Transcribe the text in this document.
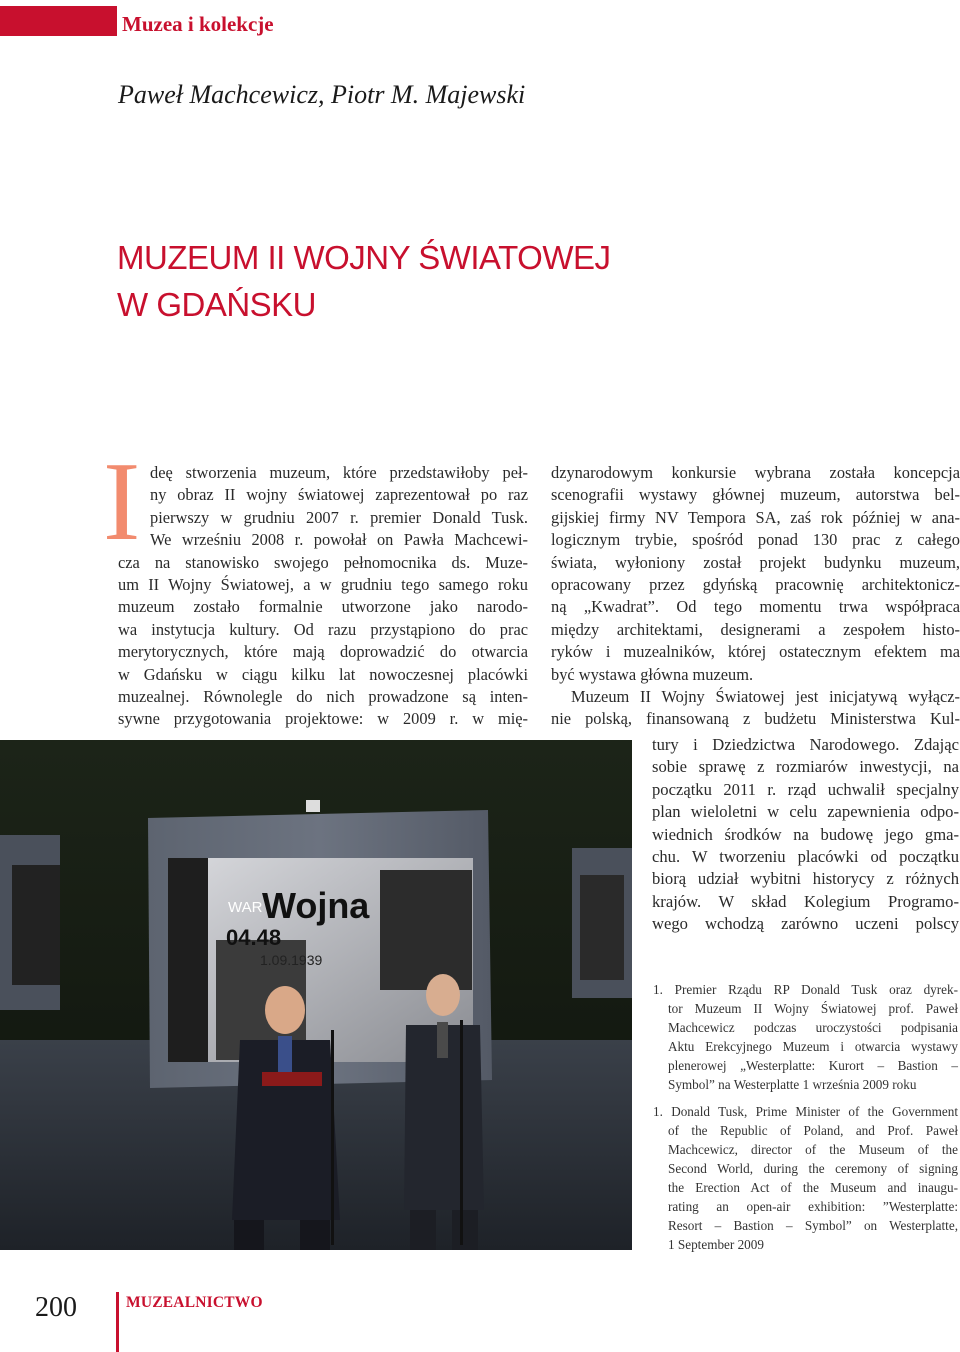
Muzea i kolekcje
Paweł Machcewicz, Piotr M. Majewski
MUZEUM II WOJNY ŚWIATOWEJ
W GDAŃSKU
I deę stworzenia muzeum, które przedstawiłoby peł-
ny obraz II wojny światowej zaprezentował po raz
pierwszy w grudniu 2007 r. premier Donald Tusk.
We wrześniu 2008 r. powołał on Pawła Machcewi-
cza na stanowisko swojego pełnomocnika ds. Muze-
um II Wojny Światowej, a w grudniu tego samego roku
muzeum zostało formalnie utworzone jako narodo-
wa instytucja kultury. Od razu przystąpiono do prac
merytorycznych, które mają doprowadzić do otwarcia
w Gdańsku w ciągu kilku lat nowoczesnej placówki
muzealnej. Równolegle do nich prowadzone są inten-
sywne przygotowania projektowe: w 2009 r. w mię-
dzynarodowym konkursie wybrana została koncepcja
scenografii wystawy głównej muzeum, autorstwa bel-
gijskiej firmy NV Tempora SA, zaś rok później w ana-
logicznym trybie, spośród ponad 130 prac z całego
świata, wyłoniony został projekt budynku muzeum,
opracowany przez gdyńską pracownię architektonicz-
ną „Kwadrat”. Od tego momentu trwa współpraca
między architektami, designerami a zespołem histo-
ryków i muzealników, której ostatecznym efektem ma
być wystawa główna muzeum.
Muzeum II Wojny Światowej jest inicjatywą wyłącz-
nie polską, finansowaną z budżetu Ministerstwa Kul-
tury i Dziedzictwa Narodowego. Zdając
sobie sprawę z rozmiarów inwestycji, na
początku 2011 r. rząd uchwalił specjalny
plan wieloletni w celu zapewnienia odpo-
wiednich środków na budowę jego gma-
chu. W tworzeniu placówki od początku
biorą udział wybitni historycy z różnych
krajów. W skład Kolegium Programo-
wego wchodzą zarówno uczeni polscy
WAR Wojna
04.48
1.09.1939
1. Premier Rządu RP Donald Tusk oraz dyrek-
tor Muzeum II Wojny Światowej prof. Paweł
Machcewicz podczas uroczystości podpisania
Aktu Erekcyjnego Muzeum i otwarcia wystawy
plenerowej „Westerplatte: Kurort – Bastion –
Symbol” na Westerplatte 1 września 2009 roku
1. Donald Tusk, Prime Minister of the Government
of the Republic of Poland, and Prof. Paweł
Machcewicz, director of the Museum of the
Second World, during the ceremony of signing
the Erection Act of the Museum and inaugu-
rating an open-air exhibition: ”Westerplatte:
Resort – Bastion – Symbol” on Westerplatte,
1 September 2009
200	MUZEALNICTWO
